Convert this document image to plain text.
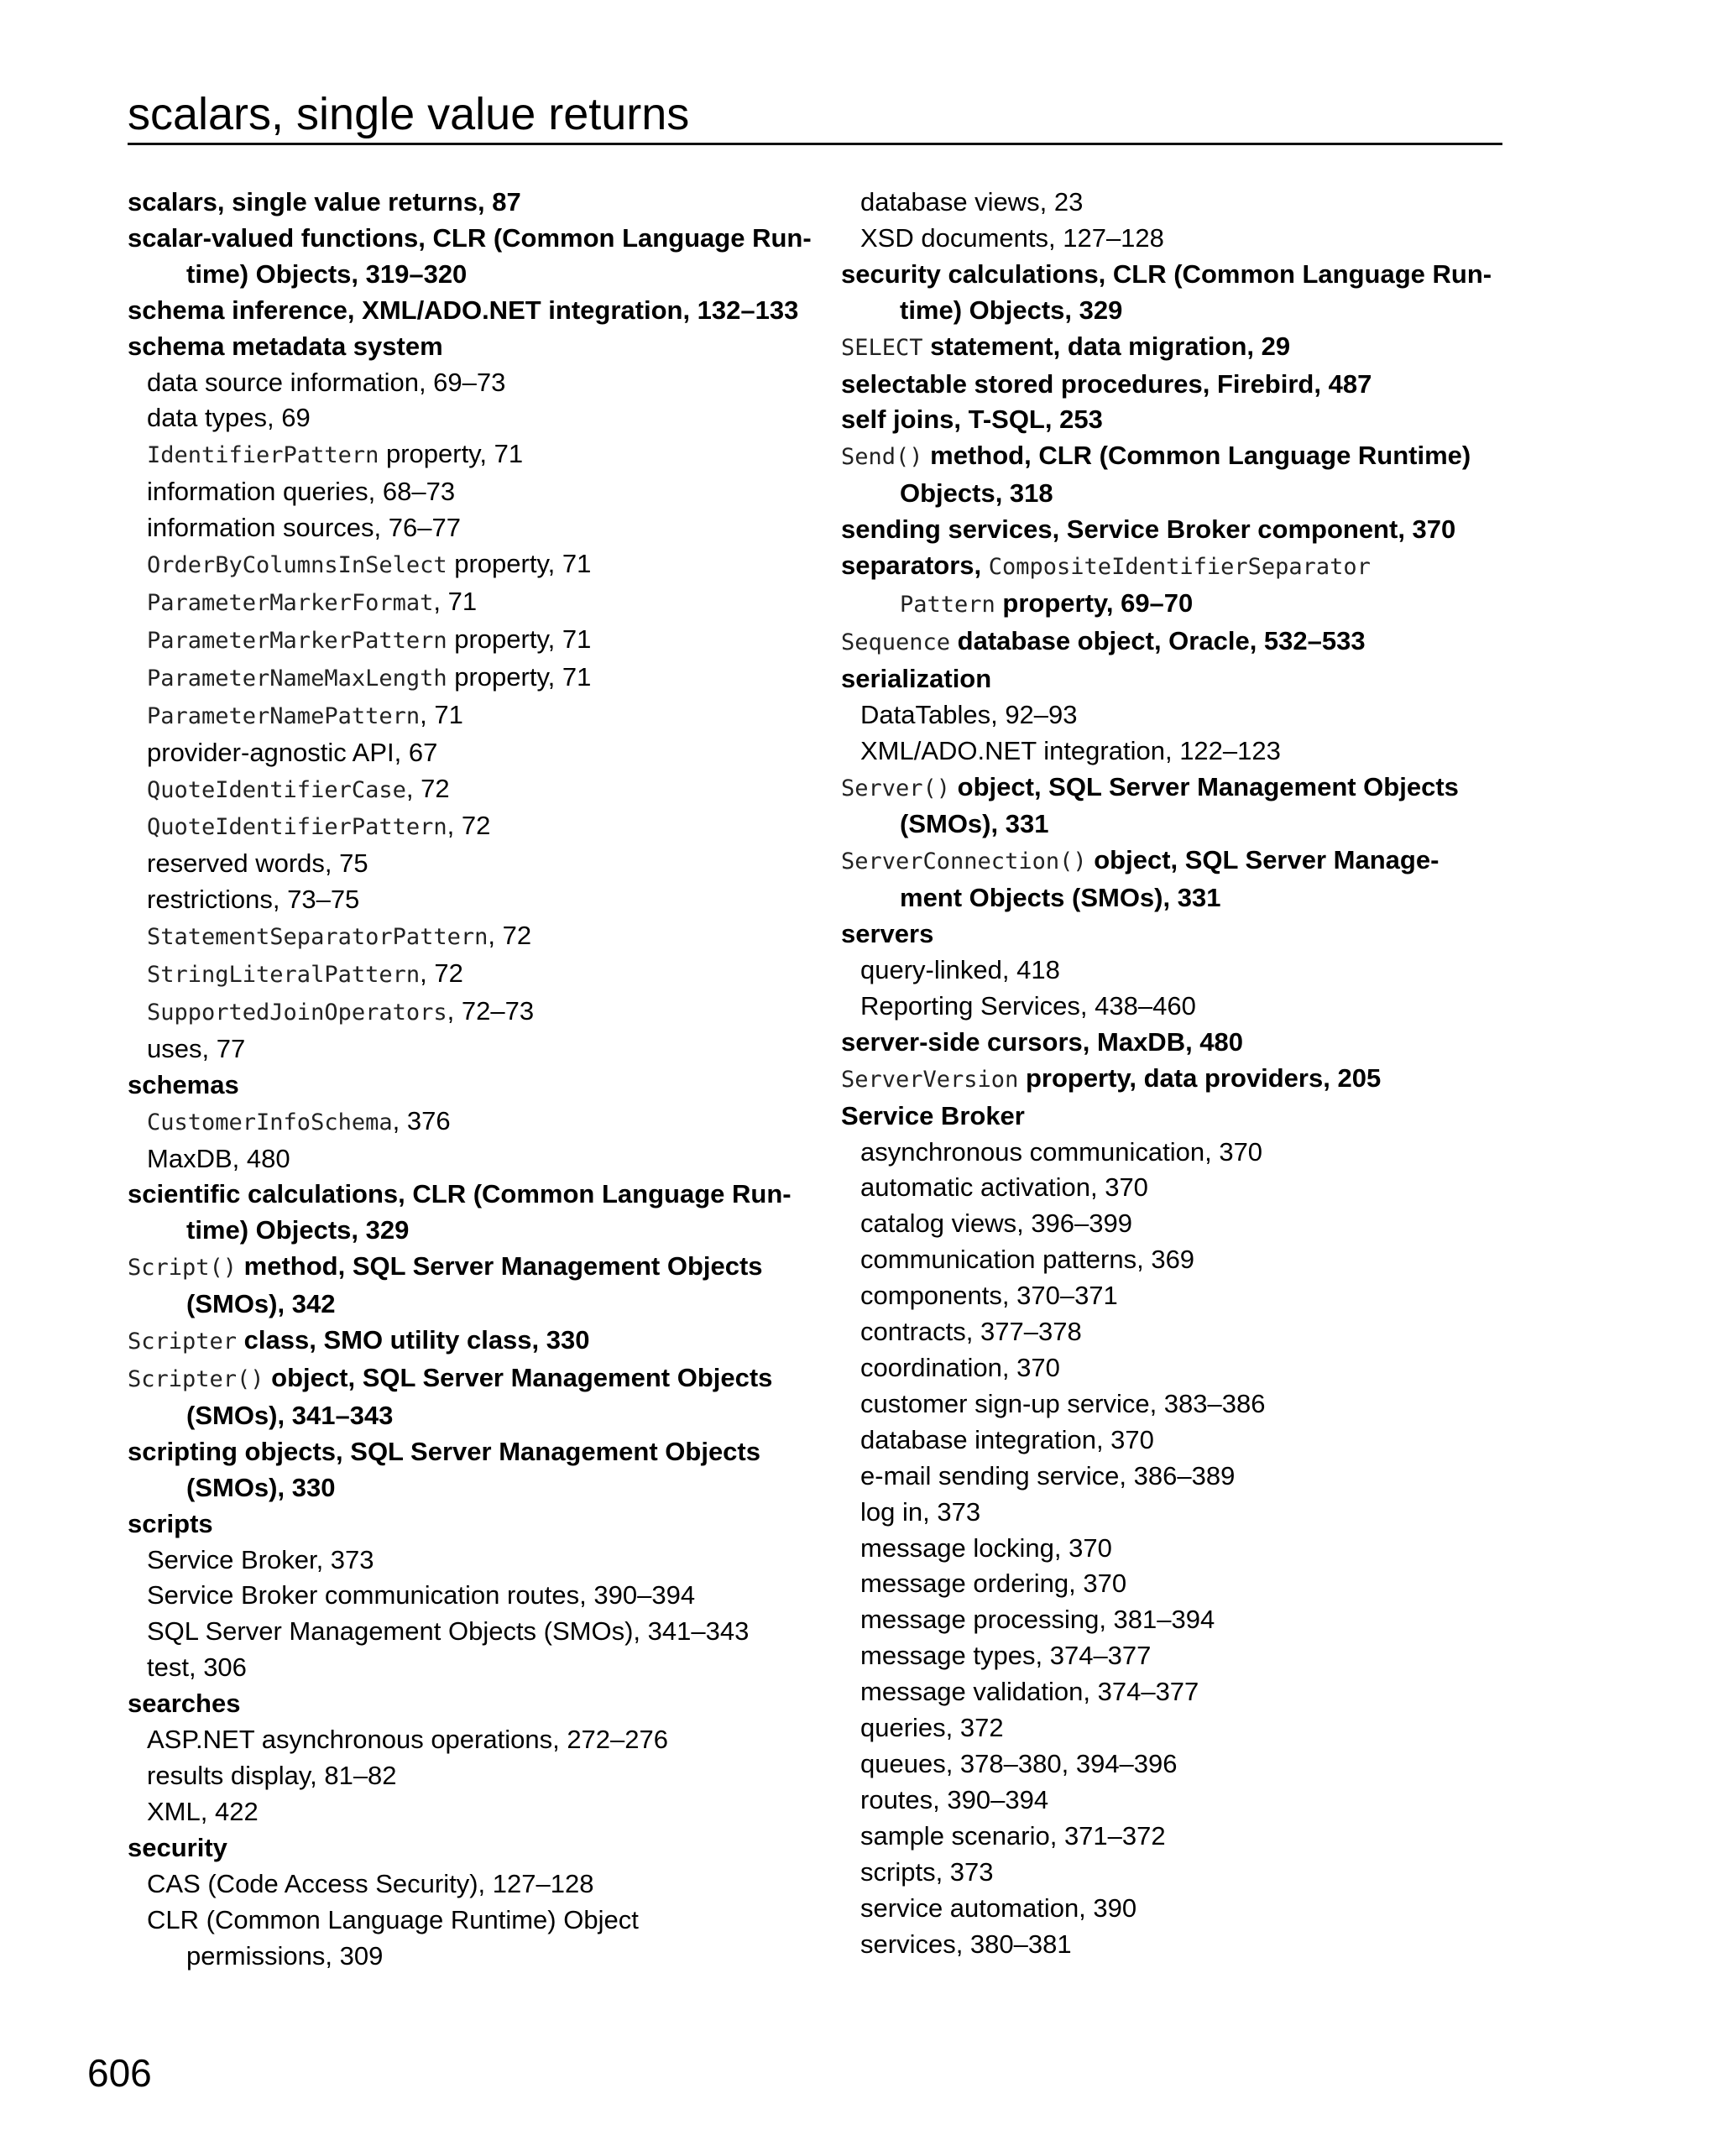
scalars, single value returns
scalars, single value returns, 87
scalar-valued functions, CLR (Common Language Run-
time) Objects, 319–320
schema inference, XML/ADO.NET integration, 132–133
schema metadata system
data source information, 69–73
data types, 69
IdentifierPattern property, 71
information queries, 68–73
information sources, 76–77
OrderByColumnsInSelect property, 71
ParameterMarkerFormat, 71
ParameterMarkerPattern property, 71
ParameterNameMaxLength property, 71
ParameterNamePattern, 71
provider-agnostic API, 67
QuoteIdentifierCase, 72
QuoteIdentifierPattern, 72
reserved words, 75
restrictions, 73–75
StatementSeparatorPattern, 72
StringLiteralPattern, 72
SupportedJoinOperators, 72–73
uses, 77
schemas
CustomerInfoSchema, 376
MaxDB, 480
scientific calculations, CLR (Common Language Run-
time) Objects, 329
Script() method, SQL Server Management Objects
(SMOs), 342
Scripter class, SMO utility class, 330
Scripter() object, SQL Server Management Objects
(SMOs), 341–343
scripting objects, SQL Server Management Objects
(SMOs), 330
scripts
Service Broker, 373
Service Broker communication routes, 390–394
SQL Server Management Objects (SMOs), 341–343
test, 306
searches
ASP.NET asynchronous operations, 272–276
results display, 81–82
XML, 422
security
CAS (Code Access Security), 127–128
CLR (Common Language Runtime) Object
permissions, 309
database views, 23
XSD documents, 127–128
security calculations, CLR (Common Language Run-
time) Objects, 329
SELECT statement, data migration, 29
selectable stored procedures, Firebird, 487
self joins, T-SQL, 253
Send() method, CLR (Common Language Runtime)
Objects, 318
sending services, Service Broker component, 370
separators, CompositeIdentifierSeparator
Pattern property, 69–70
Sequence database object, Oracle, 532–533
serialization
DataTables, 92–93
XML/ADO.NET integration, 122–123
Server() object, SQL Server Management Objects
(SMOs), 331
ServerConnection() object, SQL Server Manage-
ment Objects (SMOs), 331
servers
query-linked, 418
Reporting Services, 438–460
server-side cursors, MaxDB, 480
ServerVersion property, data providers, 205
Service Broker
asynchronous communication, 370
automatic activation, 370
catalog views, 396–399
communication patterns, 369
components, 370–371
contracts, 377–378
coordination, 370
customer sign-up service, 383–386
database integration, 370
e-mail sending service, 386–389
log in, 373
message locking, 370
message ordering, 370
message processing, 381–394
message types, 374–377
message validation, 374–377
queries, 372
queues, 378–380, 394–396
routes, 390–394
sample scenario, 371–372
scripts, 373
service automation, 390
services, 380–381
606
